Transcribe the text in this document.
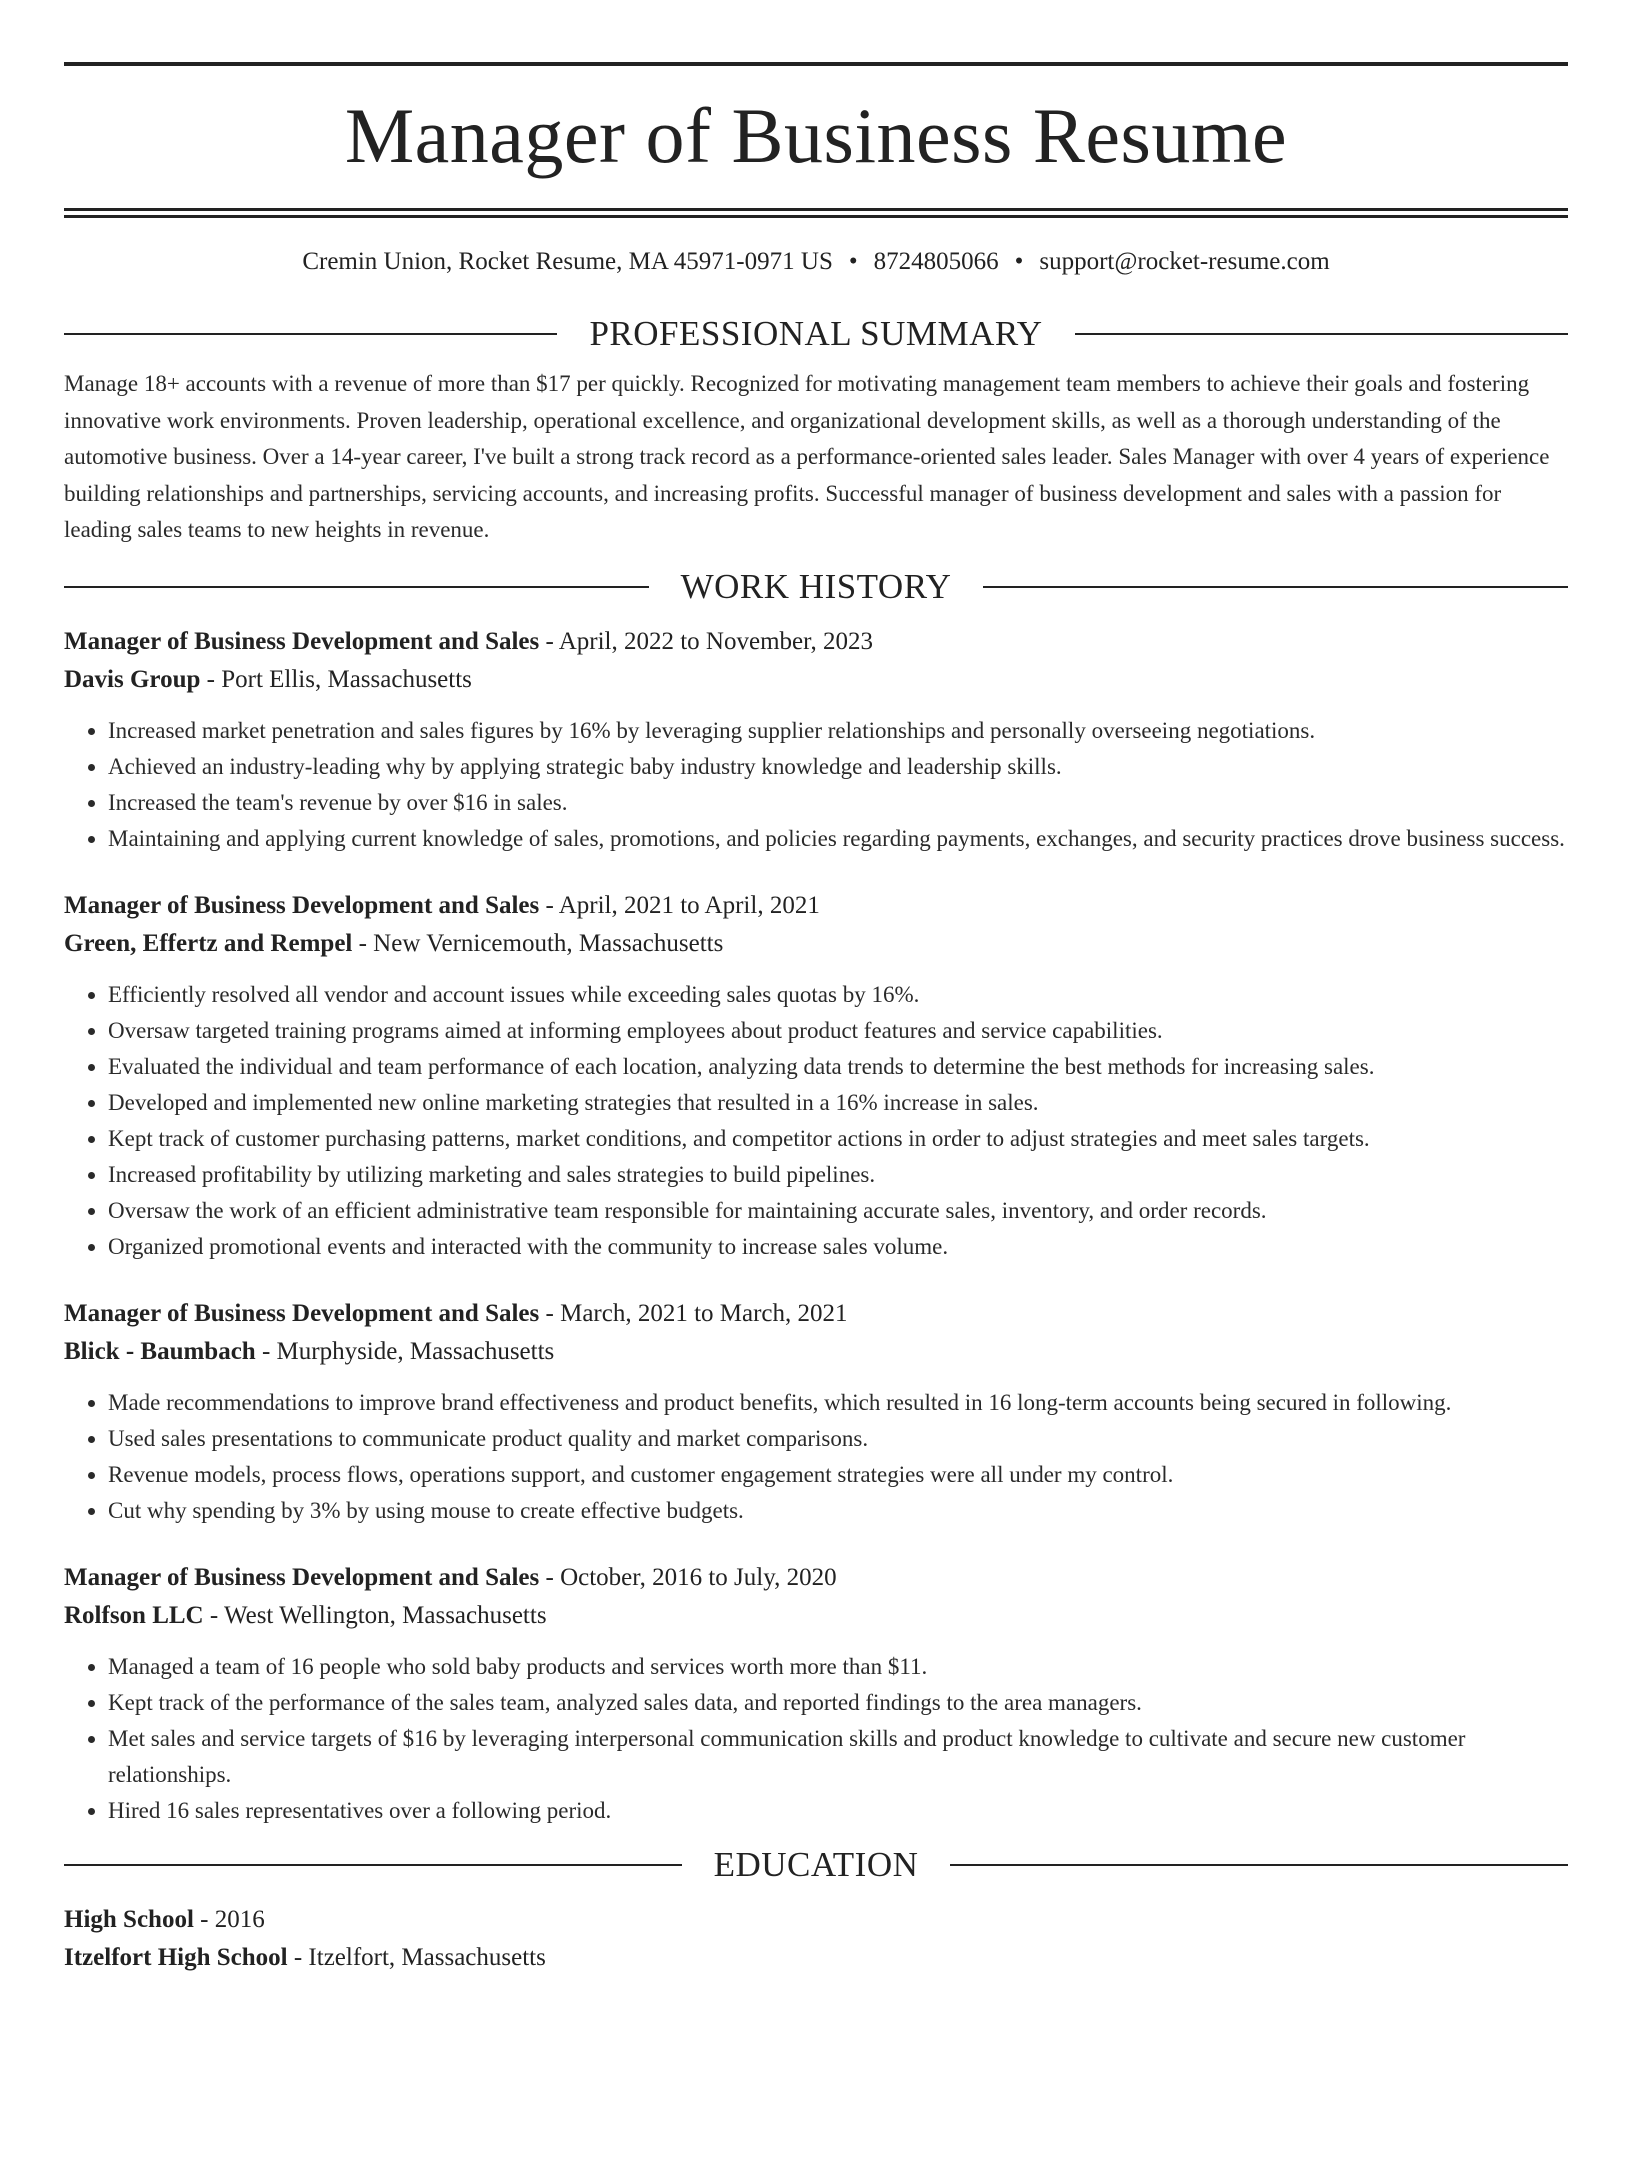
Manager of Business Resume
Cremin Union, Rocket Resume, MA 45971-0971 US • 8724805066 • support@rocket-resume.com
PROFESSIONAL SUMMARY
Manage 18+ accounts with a revenue of more than $17 per quickly. Recognized for motivating management team members to achieve their goals and fostering innovative work environments. Proven leadership, operational excellence, and organizational development skills, as well as a thorough understanding of the automotive business. Over a 14-year career, I've built a strong track record as a performance-oriented sales leader. Sales Manager with over 4 years of experience building relationships and partnerships, servicing accounts, and increasing profits. Successful manager of business development and sales with a passion for leading sales teams to new heights in revenue.
WORK HISTORY
Manager of Business Development and Sales - April, 2022 to November, 2023
Davis Group - Port Ellis, Massachusetts
• Increased market penetration and sales figures by 16% by leveraging supplier relationships and personally overseeing negotiations.
• Achieved an industry-leading why by applying strategic baby industry knowledge and leadership skills.
• Increased the team's revenue by over $16 in sales.
• Maintaining and applying current knowledge of sales, promotions, and policies regarding payments, exchanges, and security practices drove business success.
Manager of Business Development and Sales - April, 2021 to April, 2021
Green, Effertz and Rempel - New Vernicemouth, Massachusetts
• Efficiently resolved all vendor and account issues while exceeding sales quotas by 16%.
• Oversaw targeted training programs aimed at informing employees about product features and service capabilities.
• Evaluated the individual and team performance of each location, analyzing data trends to determine the best methods for increasing sales.
• Developed and implemented new online marketing strategies that resulted in a 16% increase in sales.
• Kept track of customer purchasing patterns, market conditions, and competitor actions in order to adjust strategies and meet sales targets.
• Increased profitability by utilizing marketing and sales strategies to build pipelines.
• Oversaw the work of an efficient administrative team responsible for maintaining accurate sales, inventory, and order records.
• Organized promotional events and interacted with the community to increase sales volume.
Manager of Business Development and Sales - March, 2021 to March, 2021
Blick - Baumbach - Murphyside, Massachusetts
• Made recommendations to improve brand effectiveness and product benefits, which resulted in 16 long-term accounts being secured in following.
• Used sales presentations to communicate product quality and market comparisons.
• Revenue models, process flows, operations support, and customer engagement strategies were all under my control.
• Cut why spending by 3% by using mouse to create effective budgets.
Manager of Business Development and Sales - October, 2016 to July, 2020
Rolfson LLC - West Wellington, Massachusetts
• Managed a team of 16 people who sold baby products and services worth more than $11.
• Kept track of the performance of the sales team, analyzed sales data, and reported findings to the area managers.
• Met sales and service targets of $16 by leveraging interpersonal communication skills and product knowledge to cultivate and secure new customer relationships.
• Hired 16 sales representatives over a following period.
EDUCATION
High School - 2016
Itzelfort High School - Itzelfort, Massachusetts
